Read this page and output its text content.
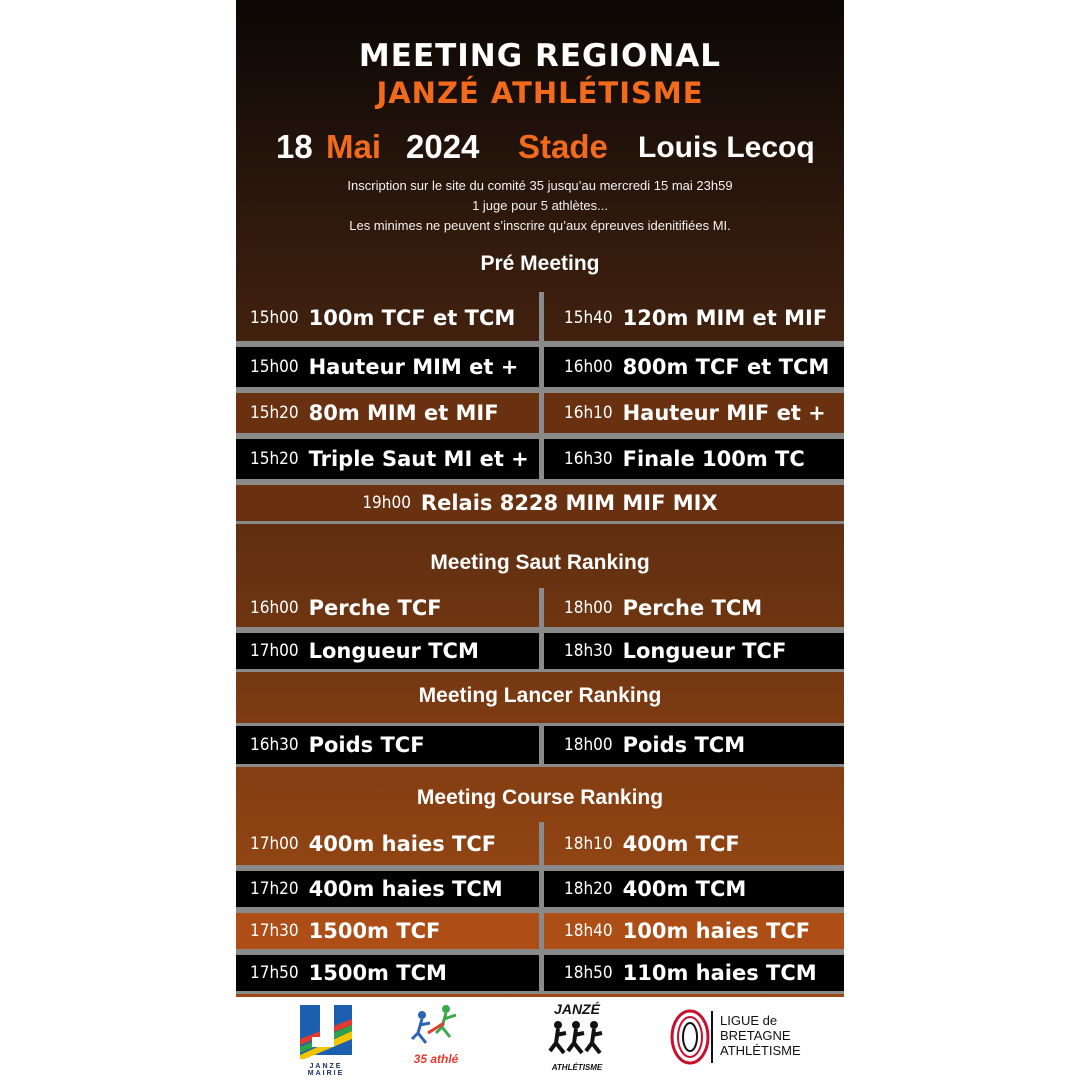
MEETING REGIONAL
JANZÉ ATHLÉTISME
18 Mai 2024 Stade Louis Lecoq
Inscription sur le site du comité 35 jusqu’au mercredi 15 mai 23h59
1 juge pour 5 athlètes...
Les minimes ne peuvent s’inscrire qu’aux épreuves idenitifiées MI.
Pré Meeting
15h00 100m TCF et TCM	15h40 120m MIM et MIF
15h00 Hauteur MIM et +	16h00 800m TCF et TCM
15h20 80m MIM et MIF	16h10 Hauteur MIF et +
15h20 Triple Saut MI et + 16h30 Finale 100m TC
19h00 Relais 8228 MIM MIF MIX
Meeting Saut Ranking
16h00 Perche TCF	18h00 Perche TCM
17h00 Longueur TCM	18h30 Longueur TCF
Meeting Lancer Ranking
16h30 Poids TCF	18h00 Poids TCM
Meeting Course Ranking
17h00 400m haies TCF	18h10 400m TCF
17h20 400m haies TCM	18h20 400m TCM
17h30 1500m TCF	18h40 100m haies TCF
17h50 1500m TCM	18h50 110m haies TCM
JANZE
MAIRIE
35 athlé
JANZÉ
ATHLÉTISME
LIGUE de
BRETAGNE
ATHLÉTISME
